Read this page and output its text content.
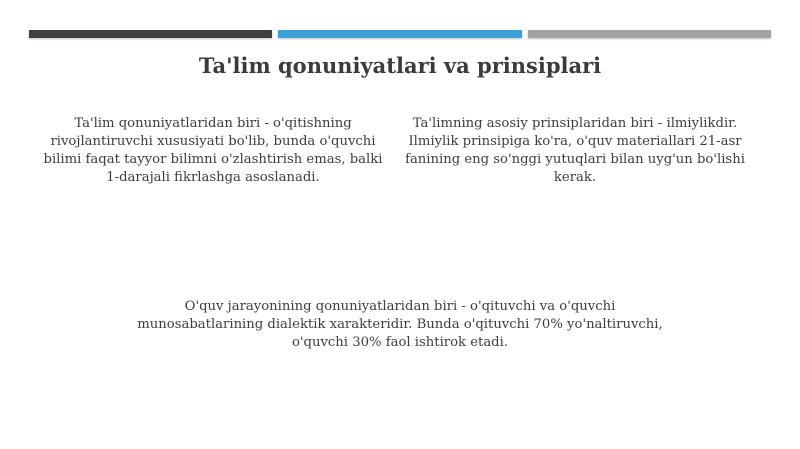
Ta'lim qonuniyatlari va prinsiplari

Ta'lim qonuniyatlaridan biri - o'qitishning rivojlantiruvchi xususiyati bo'lib, bunda o'quvchi bilimi faqat tayyor bilimni o'zlashtirish emas, balki 1-darajali fikrlashga asoslanadi.

Ta'limning asosiy prinsiplaridan biri - ilmiylikdir. Ilmiylik prinsipiga ko'ra, o'quv materiallari 21-asr fanining eng so'nggi yutuqlari bilan uyg'un bo'lishi kerak.

O'quv jarayonining qonuniyatlaridan biri - o'qituvchi va o'quvchi munosabatlarining dialektik xarakteridir. Bunda o'qituvchi 70% yo'naltiruvchi, o'quvchi 30% faol ishtirok etadi.
